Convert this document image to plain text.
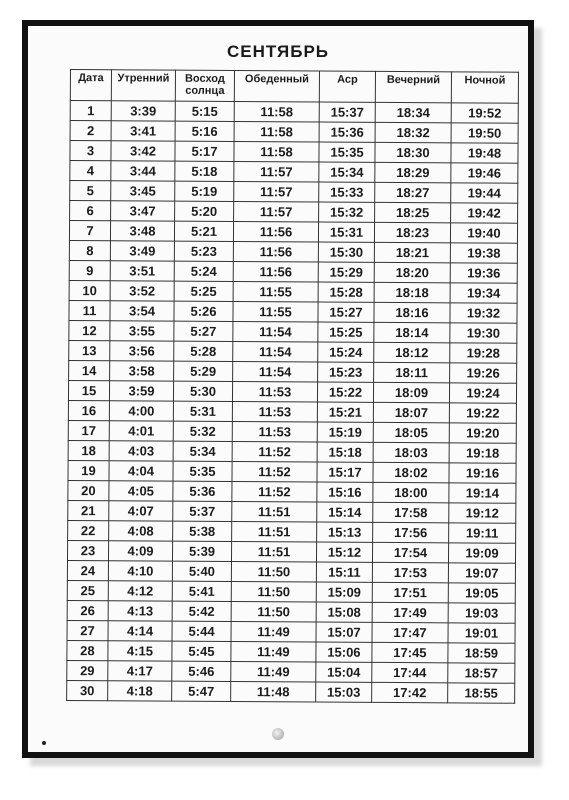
СЕНТЯБРЬ
Дата	Утренний	Восход солнца	Обеденный	Аср	Вечерний	Ночной
1	3:39	5:15	11:58	15:37	18:34	19:52
2	3:41	5:16	11:58	15:36	18:32	19:50
3	3:42	5:17	11:58	15:35	18:30	19:48
4	3:44	5:18	11:57	15:34	18:29	19:46
5	3:45	5:19	11:57	15:33	18:27	19:44
6	3:47	5:20	11:57	15:32	18:25	19:42
7	3:48	5:21	11:56	15:31	18:23	19:40
8	3:49	5:23	11:56	15:30	18:21	19:38
9	3:51	5:24	11:56	15:29	18:20	19:36
10	3:52	5:25	11:55	15:28	18:18	19:34
11	3:54	5:26	11:55	15:27	18:16	19:32
12	3:55	5:27	11:54	15:25	18:14	19:30
13	3:56	5:28	11:54	15:24	18:12	19:28
14	3:58	5:29	11:54	15:23	18:11	19:26
15	3:59	5:30	11:53	15:22	18:09	19:24
16	4:00	5:31	11:53	15:21	18:07	19:22
17	4:01	5:32	11:53	15:19	18:05	19:20
18	4:03	5:34	11:52	15:18	18:03	19:18
19	4:04	5:35	11:52	15:17	18:02	19:16
20	4:05	5:36	11:52	15:16	18:00	19:14
21	4:07	5:37	11:51	15:14	17:58	19:12
22	4:08	5:38	11:51	15:13	17:56	19:11
23	4:09	5:39	11:51	15:12	17:54	19:09
24	4:10	5:40	11:50	15:11	17:53	19:07
25	4:12	5:41	11:50	15:09	17:51	19:05
26	4:13	5:42	11:50	15:08	17:49	19:03
27	4:14	5:44	11:49	15:07	17:47	19:01
28	4:15	5:45	11:49	15:06	17:45	18:59
29	4:17	5:46	11:49	15:04	17:44	18:57
30	4:18	5:47	11:48	15:03	17:42	18:55
